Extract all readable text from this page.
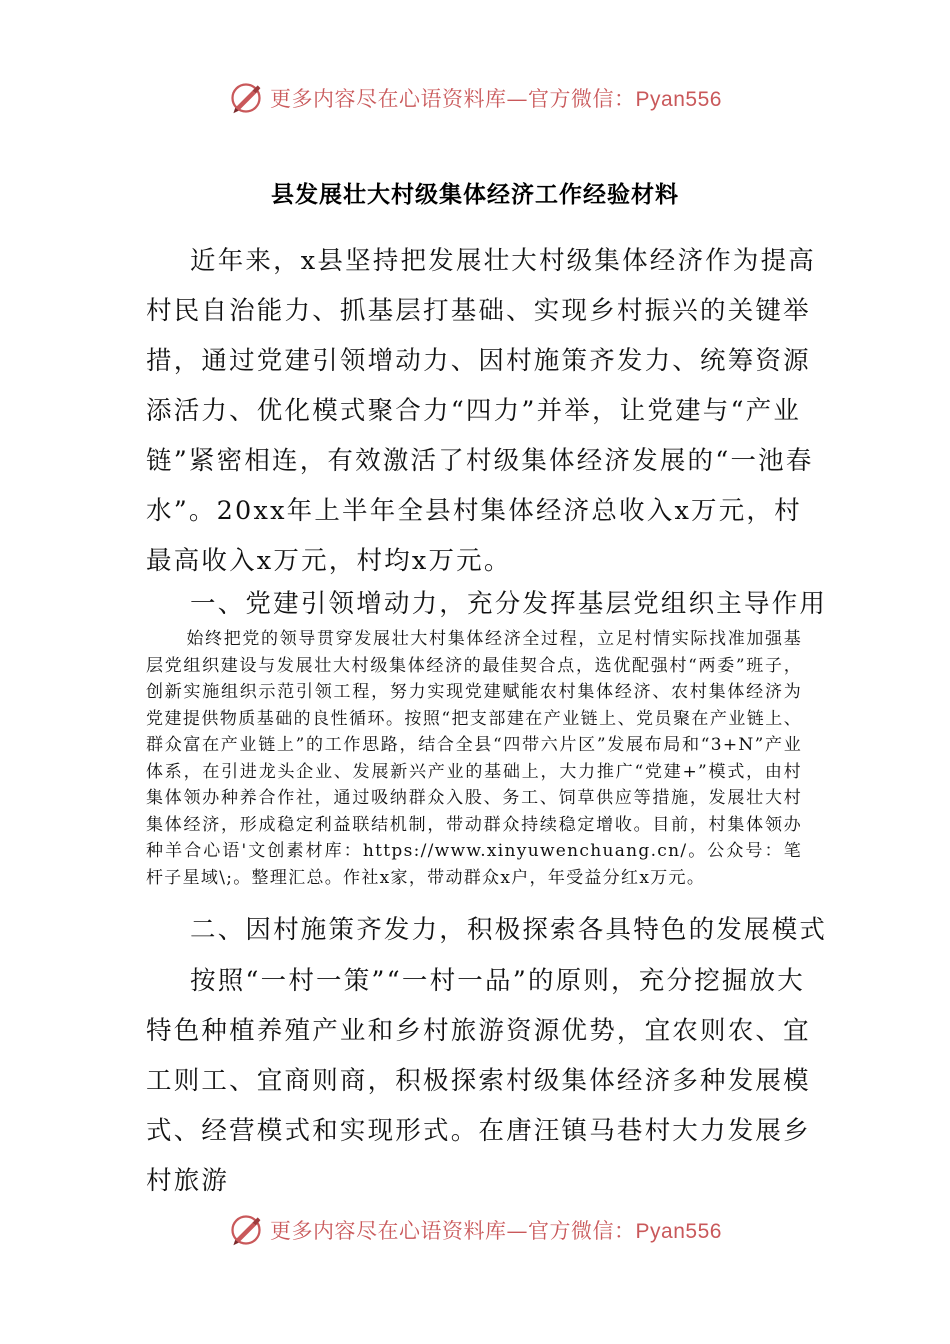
更多内容尽在心语资料库—官方微信：Pyan556
县发展壮大村级集体经济工作经验材料

近年来，x县坚持把发展壮大村级集体经济作为提高村民自治能力、抓基层打基础、实现乡村振兴的关键举措，通过党建引领增动力、因村施策齐发力、统筹资源添活力、优化模式聚合力“四力”并举，让党建与“产业链”紧密相连，有效激活了村级集体经济发展的“一池春水”。20xx年上半年全县村集体经济总收入x万元，村最高收入x万元，村均x万元。

一、党建引领增动力，充分发挥基层党组织主导作用

始终把党的领导贯穿发展壮大村集体经济全过程，立足村情实际找准加强基层党组织建设与发展壮大村级集体经济的最佳契合点，选优配强村“两委”班子，创新实施组织示范引领工程，努力实现党建赋能农村集体经济、农村集体经济为党建提供物质基础的良性循环。按照“把支部建在产业链上、党员聚在产业链上、群众富在产业链上”的工作思路，结合全县“四带六片区”发展布局和“3+N”产业体系，在引进龙头企业、发展新兴产业的基础上，大力推广“党建+”模式，由村集体领办种养合作社，通过吸纳群众入股、务工、饲草供应等措施，发展壮大村集体经济，形成稳定利益联结机制，带动群众持续稳定增收。目前，村集体领办种羊合心语'文创素材库：https://www.xinyuwenchuang.cn/。公众号：笔杆子星域\;。整理汇总。作社x家，带动群众x户，年受益分红x万元。

二、因村施策齐发力，积极探索各具特色的发展模式

按照“一村一策”“一村一品”的原则，充分挖掘放大特色种植养殖产业和乡村旅游资源优势，宜农则农、宜工则工、宜商则商，积极探索村级集体经济多种发展模式、经营模式和实现形式。在唐汪镇马巷村大力发展乡村旅游

更多内容尽在心语资料库—官方微信：Pyan556
